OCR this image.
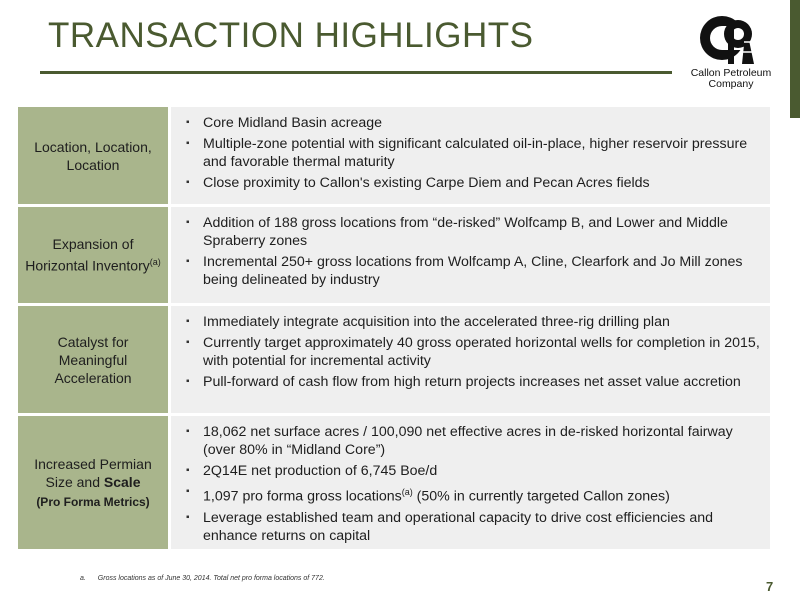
TRANSACTION HIGHLIGHTS
Callon Petroleum
Company
Location, Location, Location
▪ Core Midland Basin acreage
▪ Multiple-zone potential with significant calculated oil-in-place, higher reservoir pressure and favorable thermal maturity
▪ Close proximity to Callon's existing Carpe Diem and Pecan Acres fields
Expansion of Horizontal Inventory$^{(a)}$
▪ Addition of 188 gross locations from “de-risked” Wolfcamp B, and Lower and Middle Spraberry zones
▪ Incremental 250+ gross locations from Wolfcamp A, Cline, Clearfork and Jo Mill zones being delineated by industry
Catalyst for Meaningful Acceleration
▪ Immediately integrate acquisition into the accelerated three-rig drilling plan
▪ Currently target approximately 40 gross operated horizontal wells for completion in 2015, with potential for incremental activity
▪ Pull-forward of cash flow from high return projects increases net asset value accretion
Increased Permian Size and Scale
(Pro Forma Metrics)
▪ 18,062 net surface acres / 100,090 net effective acres in de-risked horizontal fairway (over 80% in “Midland Core”)
▪ 2Q14E net production of 6,745 Boe/d
▪ 1,097 pro forma gross locations$^{(a)}$ (50% in currently targeted Callon zones)
▪ Leverage established team and operational capacity to drive cost efficiencies and enhance returns on capital
a. Gross locations as of June 30, 2014. Total net pro forma locations of 772.
7
